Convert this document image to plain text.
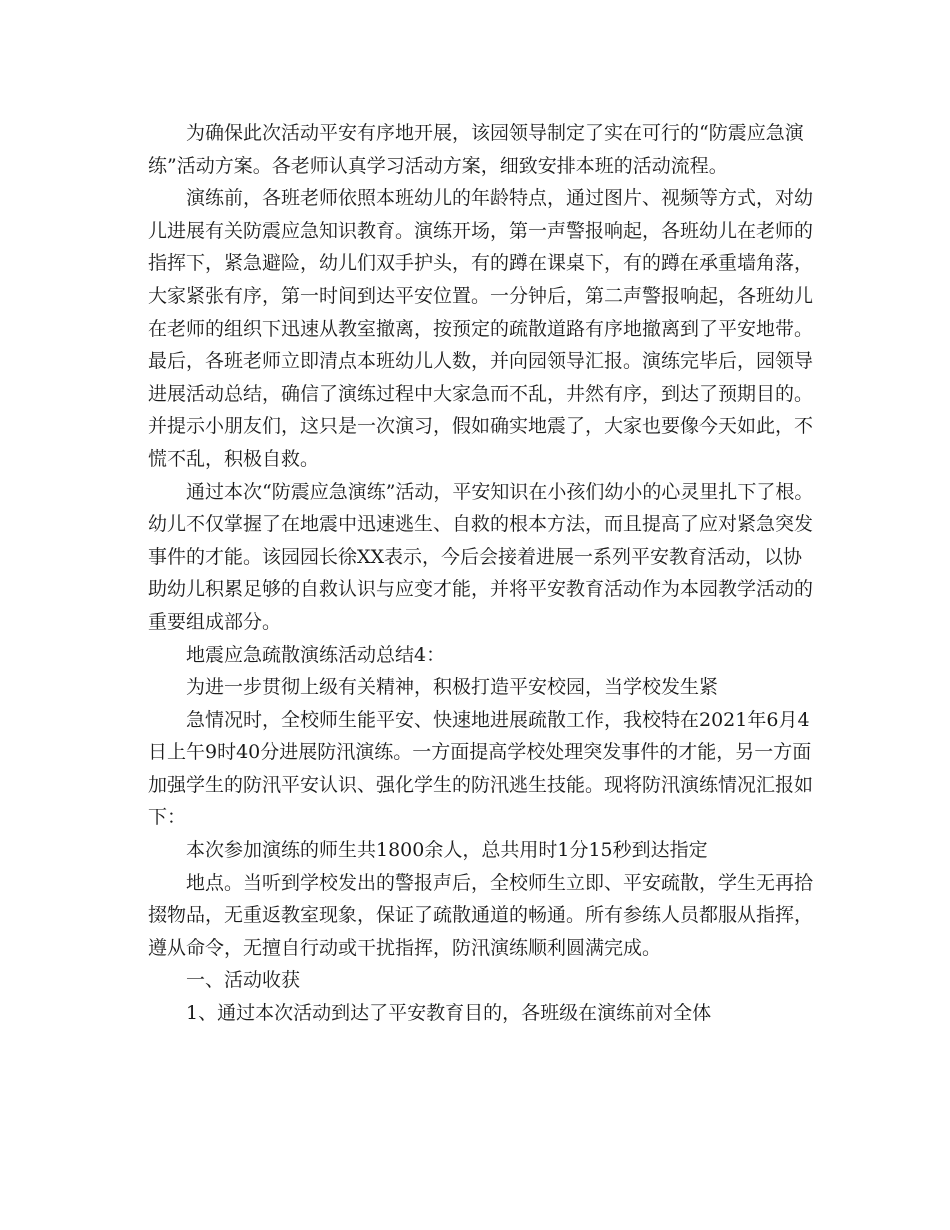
为确保此次活动平安有序地开展，该园领导制定了实在可行的“防震应急演

练”活动方案。各老师认真学习活动方案，细致安排本班的活动流程。

演练前，各班老师依照本班幼儿的年龄特点，通过图片、视频等方式，对幼

儿进展有关防震应急知识教育。演练开场，第一声警报响起，各班幼儿在老师的

指挥下，紧急避险，幼儿们双手护头，有的蹲在课桌下，有的蹲在承重墙角落，

大家紧张有序，第一时间到达平安位置。一分钟后，第二声警报响起，各班幼儿

在老师的组织下迅速从教室撤离，按预定的疏散道路有序地撤离到了平安地带。

最后，各班老师立即清点本班幼儿人数，并向园领导汇报。演练完毕后，园领导

进展活动总结，确信了演练过程中大家急而不乱，井然有序，到达了预期目的。

并提示小朋友们，这只是一次演习，假如确实地震了，大家也要像今天如此，不

慌不乱，积极自救。

通过本次“防震应急演练”活动，平安知识在小孩们幼小的心灵里扎下了根。

幼儿不仅掌握了在地震中迅速逃生、自救的根本方法，而且提高了应对紧急突发

事件的才能。该园园长徐XX表示，今后会接着进展一系列平安教育活动，以协

助幼儿积累足够的自救认识与应变才能，并将平安教育活动作为本园教学活动的

重要组成部分。

地震应急疏散演练活动总结4：

为进一步贯彻上级有关精神，积极打造平安校园，当学校发生紧

急情况时，全校师生能平安、快速地进展疏散工作，我校特在2021年6月4

日上午9时40分进展防汛演练。一方面提高学校处理突发事件的才能，另一方面

加强学生的防汛平安认识、强化学生的防汛逃生技能。现将防汛演练情况汇报如

下：

本次参加演练的师生共1800余人，总共用时1分15秒到达指定

地点。当听到学校发出的警报声后，全校师生立即、平安疏散，学生无再拾

掇物品，无重返教室现象，保证了疏散通道的畅通。所有参练人员都服从指挥，

遵从命令，无擅自行动或干扰指挥，防汛演练顺利圆满完成。

一、活动收获

1、通过本次活动到达了平安教育目的，各班级在演练前对全体
